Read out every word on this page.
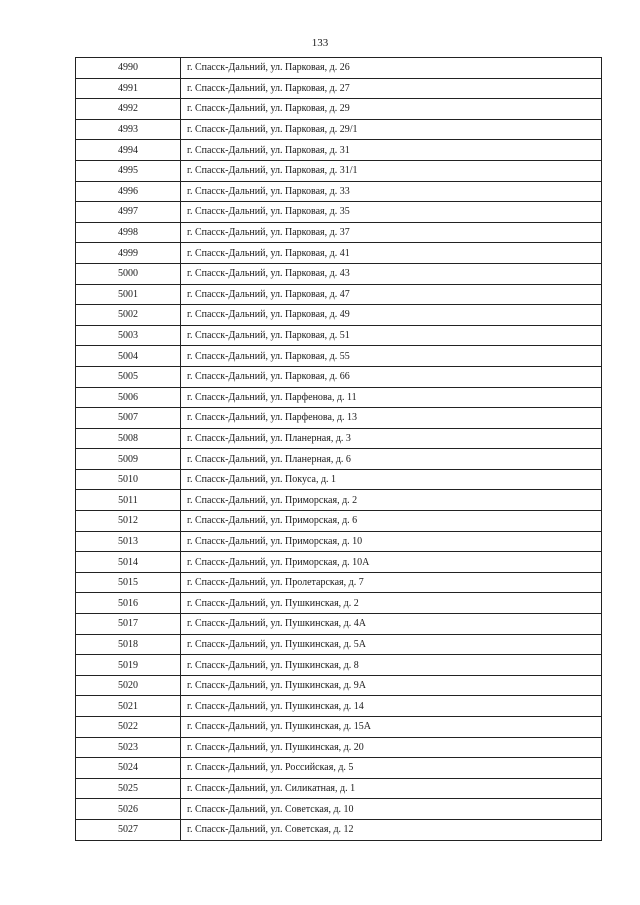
133
4990	г. Спасск-Дальний, ул. Парковая, д. 26
4991	г. Спасск-Дальний, ул. Парковая, д. 27
4992	г. Спасск-Дальний, ул. Парковая, д. 29
4993	г. Спасск-Дальний, ул. Парковая, д. 29/1
4994	г. Спасск-Дальний, ул. Парковая, д. 31
4995	г. Спасск-Дальний, ул. Парковая, д. 31/1
4996	г. Спасск-Дальний, ул. Парковая, д. 33
4997	г. Спасск-Дальний, ул. Парковая, д. 35
4998	г. Спасск-Дальний, ул. Парковая, д. 37
4999	г. Спасск-Дальний, ул. Парковая, д. 41
5000	г. Спасск-Дальний, ул. Парковая, д. 43
5001	г. Спасск-Дальний, ул. Парковая, д. 47
5002	г. Спасск-Дальний, ул. Парковая, д. 49
5003	г. Спасск-Дальний, ул. Парковая, д. 51
5004	г. Спасск-Дальний, ул. Парковая, д. 55
5005	г. Спасск-Дальний, ул. Парковая, д. 66
5006	г. Спасск-Дальний, ул. Парфенова, д. 11
5007	г. Спасск-Дальний, ул. Парфенова, д. 13
5008	г. Спасск-Дальний, ул. Планерная, д. 3
5009	г. Спасск-Дальний, ул. Планерная, д. 6
5010	г. Спасск-Дальний, ул. Покуса, д. 1
5011	г. Спасск-Дальний, ул. Приморская, д. 2
5012	г. Спасск-Дальний, ул. Приморская, д. 6
5013	г. Спасск-Дальний, ул. Приморская, д. 10
5014	г. Спасск-Дальний, ул. Приморская, д. 10А
5015	г. Спасск-Дальний, ул. Пролетарская, д. 7
5016	г. Спасск-Дальний, ул. Пушкинская, д. 2
5017	г. Спасск-Дальний, ул. Пушкинская, д. 4А
5018	г. Спасск-Дальний, ул. Пушкинская, д. 5А
5019	г. Спасск-Дальний, ул. Пушкинская, д. 8
5020	г. Спасск-Дальний, ул. Пушкинская, д. 9А
5021	г. Спасск-Дальний, ул. Пушкинская, д. 14
5022	г. Спасск-Дальний, ул. Пушкинская, д. 15А
5023	г. Спасск-Дальний, ул. Пушкинская, д. 20
5024	г. Спасск-Дальний, ул. Российская, д. 5
5025	г. Спасск-Дальний, ул. Силикатная, д. 1
5026	г. Спасск-Дальний, ул. Советская, д. 10
5027	г. Спасск-Дальний, ул. Советская, д. 12
